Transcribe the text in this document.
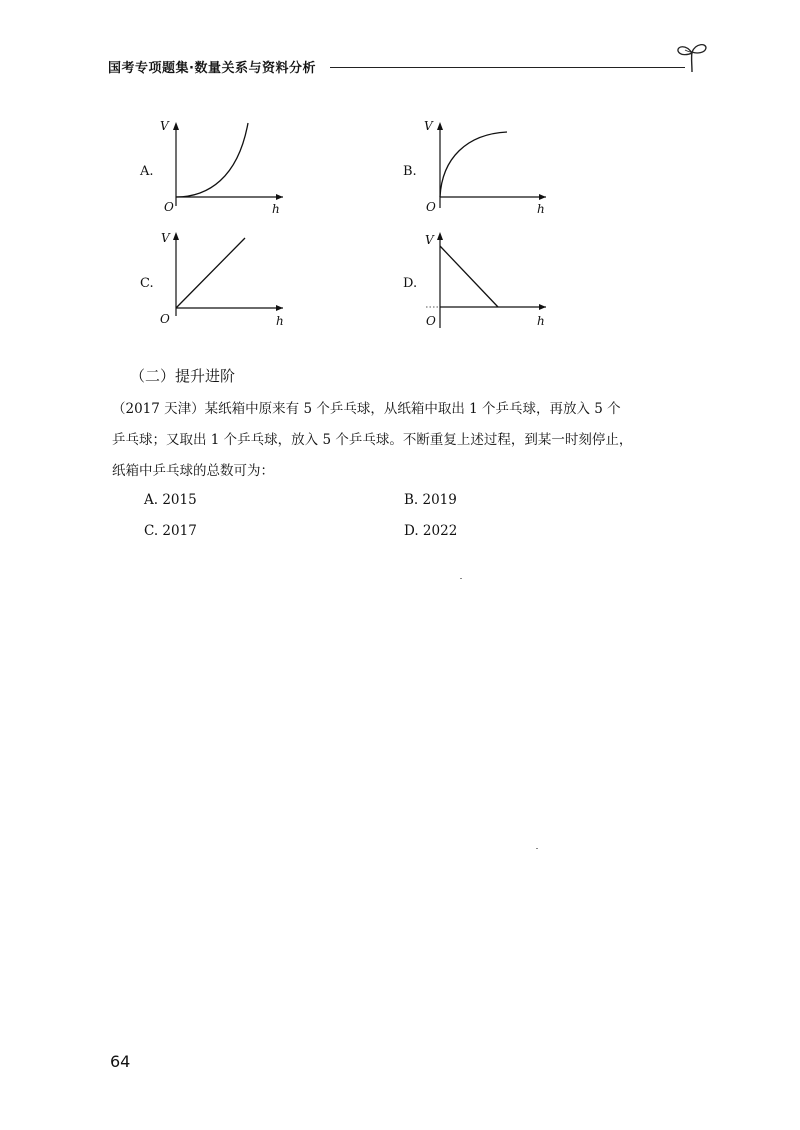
国考专项题集·数量关系与资料分析
A.
V
O	h
B.
V
O	h
C.
V
O	h
D.
V
O	h
（二）提升进阶
（2017 天津）某纸箱中原来有 5 个乒乓球，从纸箱中取出 1 个乒乓球，再放入 5 个
乒乓球；又取出 1 个乒乓球，放入 5 个乒乓球。不断重复上述过程，到某一时刻停止，
纸箱中乒乓球的总数可为：
A. 2015	B. 2019
C. 2017	D. 2022
64
